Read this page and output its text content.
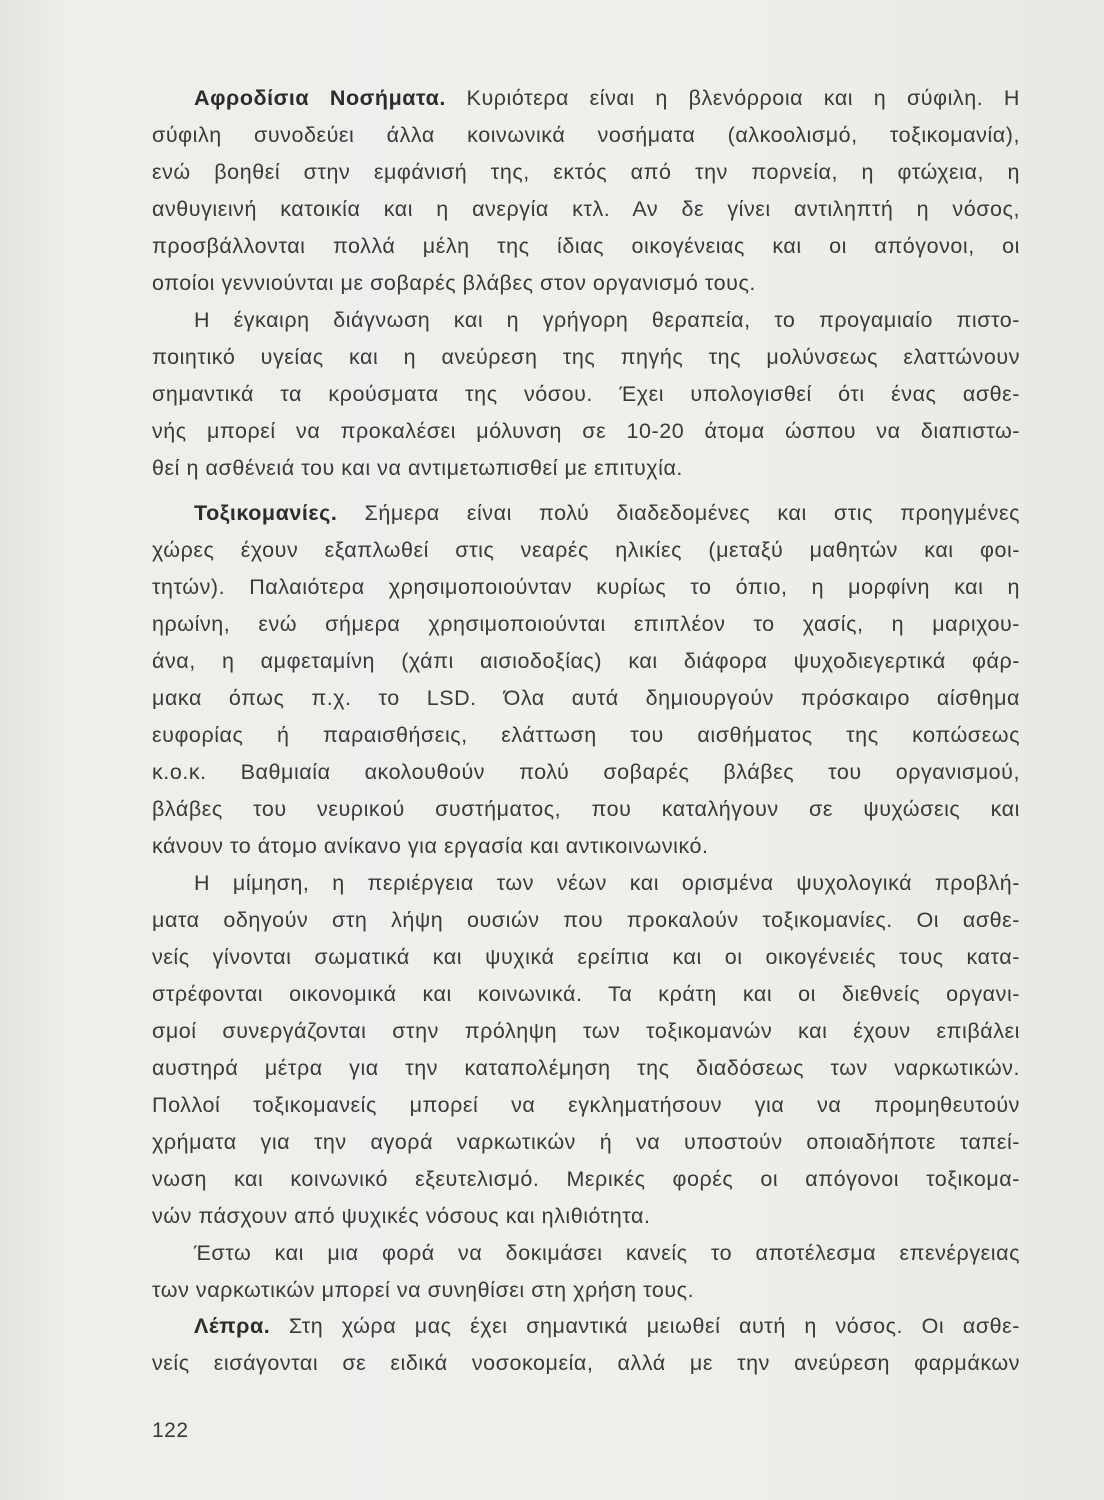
Αφροδίσια Νοσήματα. Κυριότερα είναι η βλενόρροια και η σύφιλη. Η
σύφιλη συνοδεύει άλλα κοινωνικά νοσήματα (αλκοολισμό, τοξικομανία),
ενώ βοηθεί στην εμφάνισή της, εκτός από την πορνεία, η φτώχεια, η
ανθυγιεινή κατοικία και η ανεργία κτλ. Αν δε γίνει αντιληπτή η νόσος,
προσβάλλονται πολλά μέλη της ίδιας οικογένειας και οι απόγονοι, οι
οποίοι γεννιούνται με σοβαρές βλάβες στον οργανισμό τους.
Η έγκαιρη διάγνωση και η γρήγορη θεραπεία, το προγαμιαίο πιστο-
ποιητικό υγείας και η ανεύρεση της πηγής της μολύνσεως ελαττώνουν
σημαντικά τα κρούσματα της νόσου. Έχει υπολογισθεί ότι ένας ασθε-
νής μπορεί να προκαλέσει μόλυνση σε 10-20 άτομα ώσπου να διαπιστω-
θεί η ασθένειά του και να αντιμετωπισθεί με επιτυχία.
Τοξικομανίες. Σήμερα είναι πολύ διαδεδομένες και στις προηγμένες
χώρες έχουν εξαπλωθεί στις νεαρές ηλικίες (μεταξύ μαθητών και φοι-
τητών). Παλαιότερα χρησιμοποιούνταν κυρίως το όπιο, η μορφίνη και η
ηρωίνη, ενώ σήμερα χρησιμοποιούνται επιπλέον το χασίς, η μαριχου-
άνα, η αμφεταμίνη (χάπι αισιοδοξίας) και διάφορα ψυχοδιεγερτικά φάρ-
μακα όπως π.χ. το LSD. Όλα αυτά δημιουργούν πρόσκαιρο αίσθημα
ευφορίας ή παραισθήσεις, ελάττωση του αισθήματος της κοπώσεως
κ.ο.κ. Βαθμιαία ακολουθούν πολύ σοβαρές βλάβες του οργανισμού,
βλάβες του νευρικού συστήματος, που καταλήγουν σε ψυχώσεις και
κάνουν το άτομο ανίκανο για εργασία και αντικοινωνικό.
Η μίμηση, η περιέργεια των νέων και ορισμένα ψυχολογικά προβλή-
ματα οδηγούν στη λήψη ουσιών που προκαλούν τοξικομανίες. Οι ασθε-
νείς γίνονται σωματικά και ψυχικά ερείπια και οι οικογένειές τους κατα-
στρέφονται οικονομικά και κοινωνικά. Τα κράτη και οι διεθνείς οργανι-
σμοί συνεργάζονται στην πρόληψη των τοξικομανών και έχουν επιβάλει
αυστηρά μέτρα για την καταπολέμηση της διαδόσεως των ναρκωτικών.
Πολλοί τοξικομανείς μπορεί να εγκληματήσουν για να προμηθευτούν
χρήματα για την αγορά ναρκωτικών ή να υποστούν οποιαδήποτε ταπεί-
νωση και κοινωνικό εξευτελισμό. Μερικές φορές οι απόγονοι τοξικομα-
νών πάσχουν από ψυχικές νόσους και ηλιθιότητα.
Έστω και μια φορά να δοκιμάσει κανείς το αποτέλεσμα επενέργειας
των ναρκωτικών μπορεί να συνηθίσει στη χρήση τους.
Λέπρα. Στη χώρα μας έχει σημαντικά μειωθεί αυτή η νόσος. Οι ασθε-
νείς εισάγονται σε ειδικά νοσοκομεία, αλλά με την ανεύρεση φαρμάκων
122
